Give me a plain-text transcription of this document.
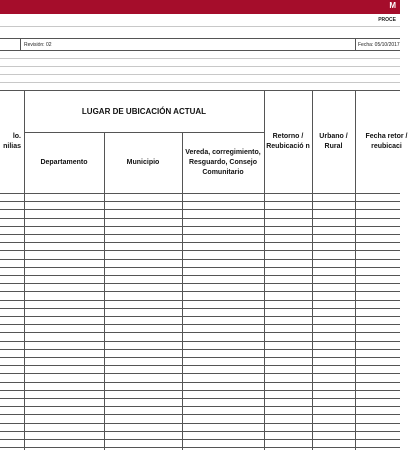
M
PROCE
Revisión: 02	Fecha: 05/10/2017
lo.
nilias
LUGAR DE UBICACIÓN ACTUAL
Departamento	Municipio
Vereda, corregimiento, Resguardo, Consejo Comunitario
Retorno / Reubicació n
Urbano / Rural
Fecha retor / reubicaci
